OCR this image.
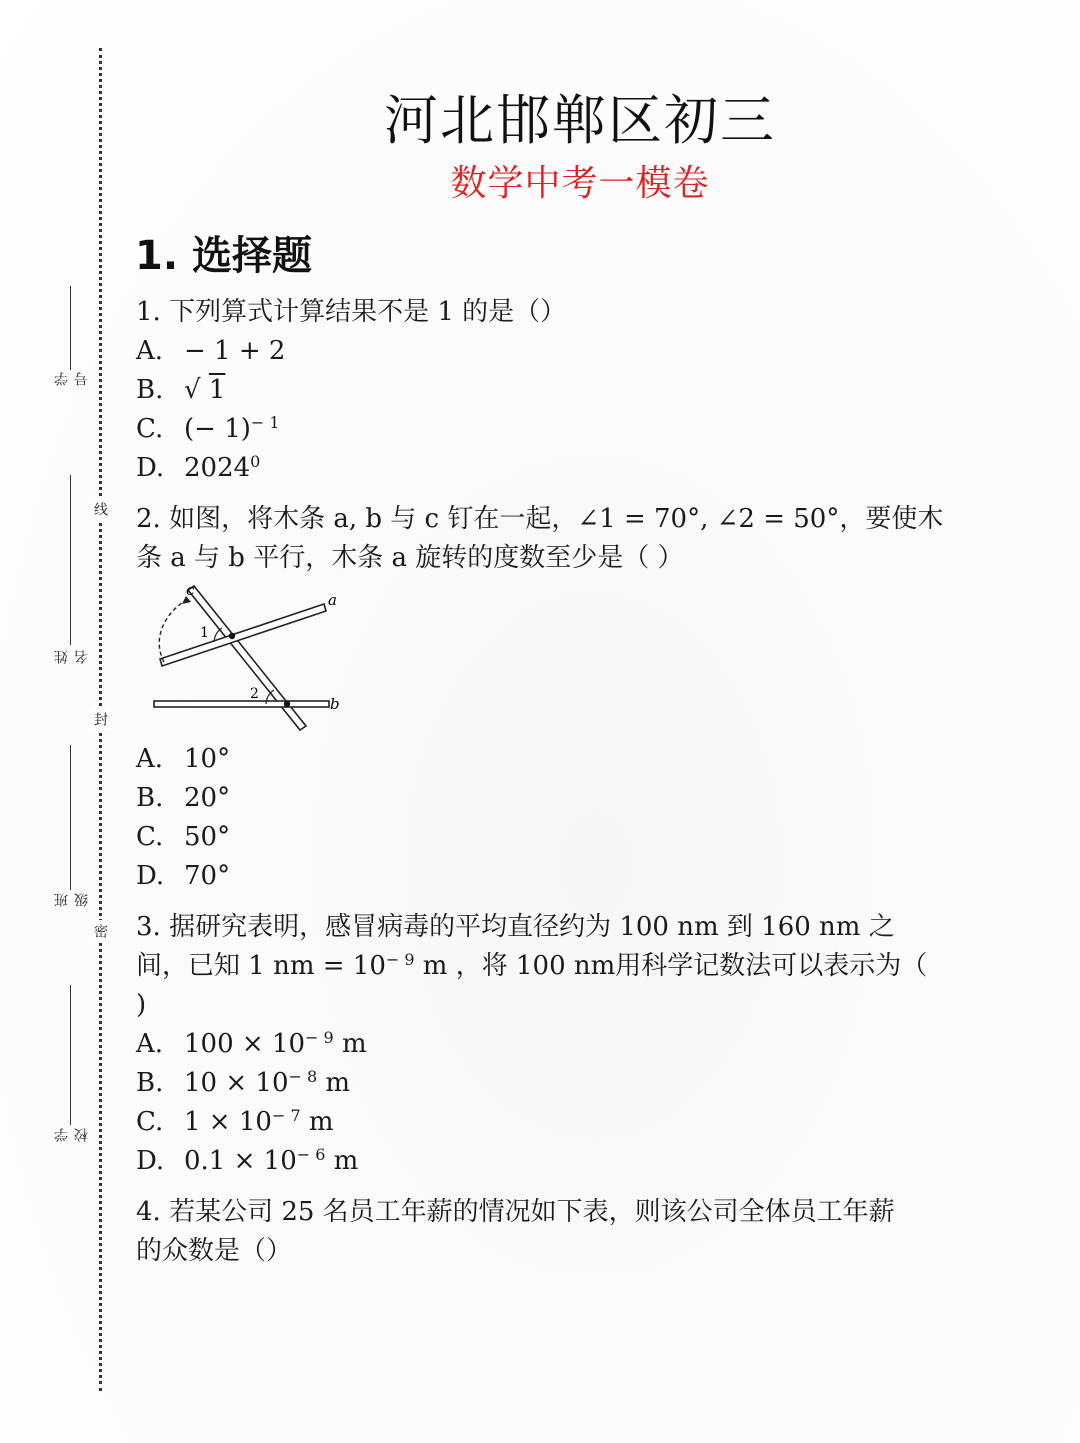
线
封
密
学号
姓名
班级
学校
河北邯郸区初三
数学中考一模卷
1. 选择题
1. 下列算式计算结果不是 1 的是（）
A. − 1 + 2
B. √ 1
C. (− 1)$^{- 1}$
D. 2024$^0$
2. 如图，将木条 a, b 与 c 钉在一起，∠1 = 70°, ∠2 = 50°，要使木
条 a 与 b 平行，木条 a 旋转的度数至少是（ ）
c
a
1
2
b
A. 10°
B. 20°
C. 50°
D. 70°
3. 据研究表明，感冒病毒的平均直径约为 100 nm 到 160 nm 之
间，已知 1 nm = $10^{- 9}$ m ，将 100 nm用科学记数法可以表示为（
)
A. $100 \times 10^{- 9}$ m
B. $10 \times 10^{- 8}$ m
C. $1 \times 10^{- 7}$ m
D. $0.1 \times 10^{- 6}$ m
4. 若某公司 25 名员工年薪的情况如下表，则该公司全体员工年薪
的众数是（）
